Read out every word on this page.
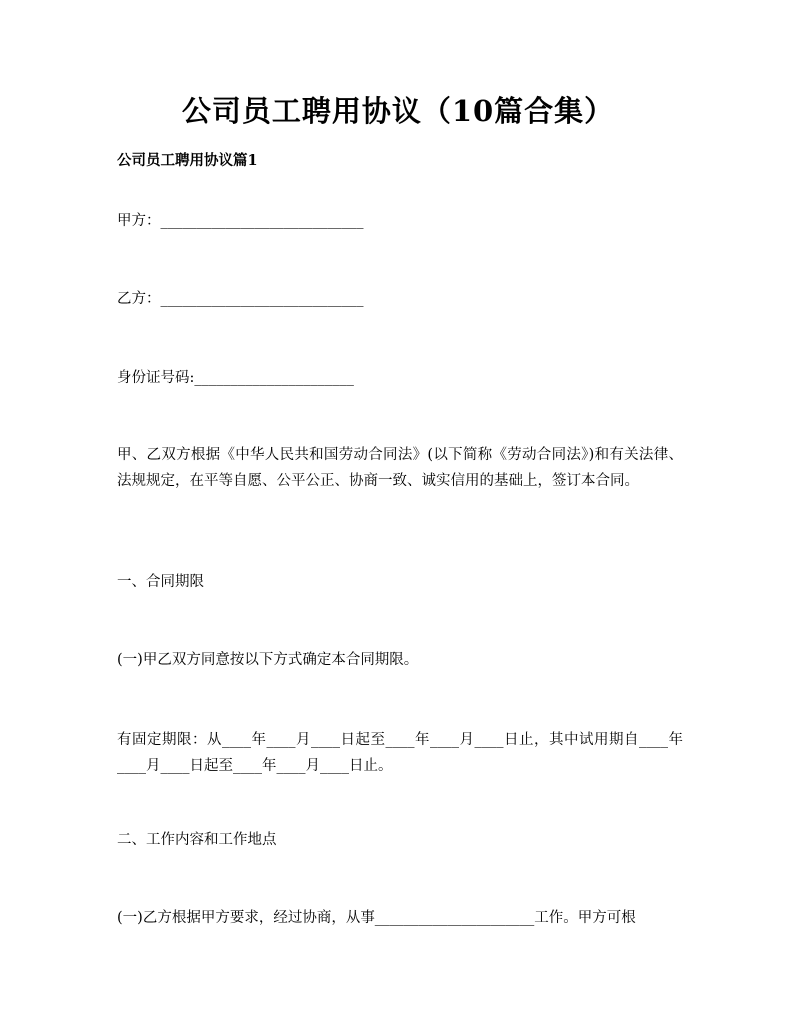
公司员工聘用协议（10篇合集）
公司员工聘用协议篇1
甲方：____________________________
乙方：____________________________
身份证号码:______________________
甲、乙双方根据《中华人民共和国劳动合同法》(以下简称《劳动合同法》)和有关法律、法规规定，在平等自愿、公平公正、协商一致、诚实信用的基础上，签订本合同。
一、合同期限
(一)甲乙双方同意按以下方式确定本合同期限。
有固定期限：从____年____月____日起至____年____月____日止，其中试用期自____年____月____日起至____年____月____日止。
二、工作内容和工作地点
(一)乙方根据甲方要求，经过协商，从事______________________工作。甲方可根
